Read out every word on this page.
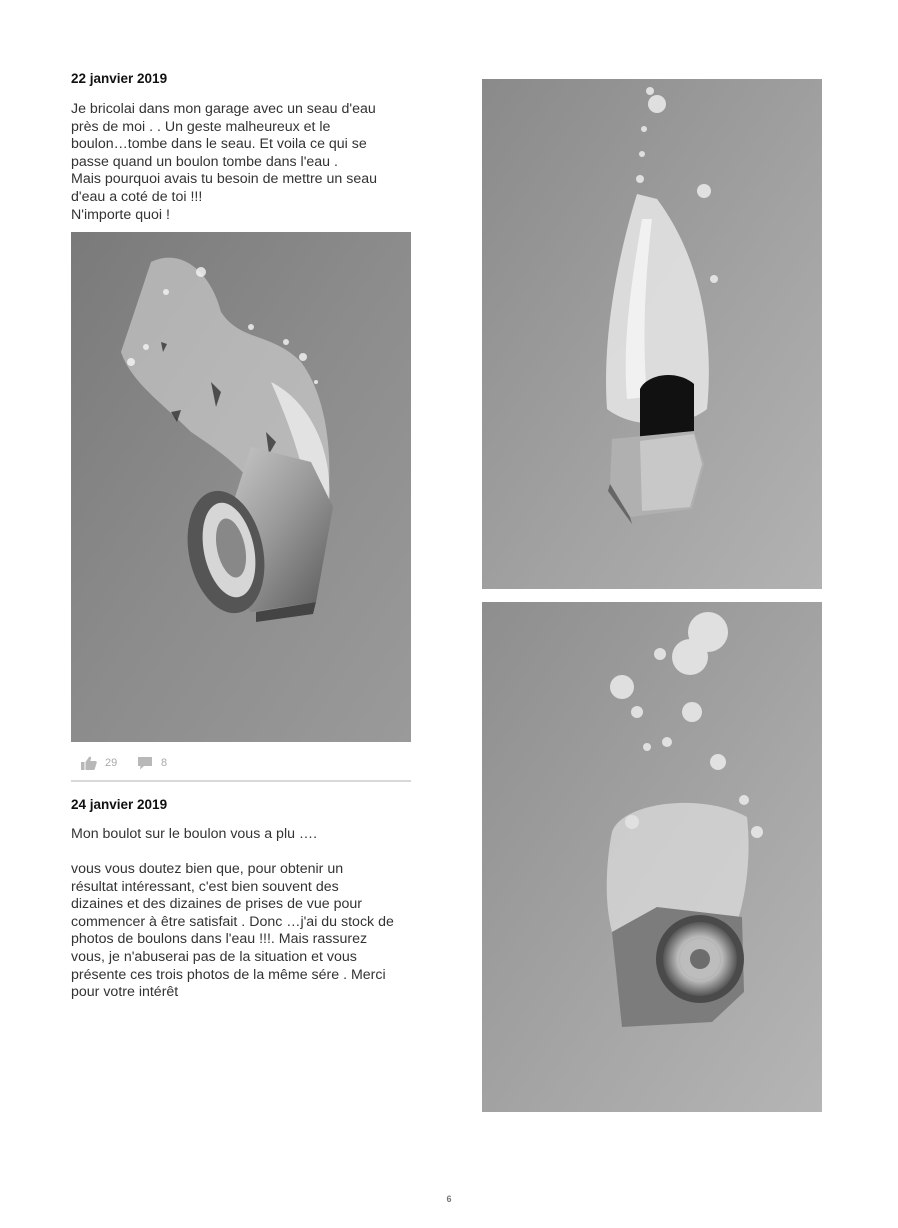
22 janvier 2019

Je bricolai dans mon garage avec un seau d'eau

près de moi . . Un geste malheureux et le

boulon…tombe dans le seau. Et voila ce qui se

passe quand un boulon tombe dans l'eau .

Mais pourquoi avais tu besoin de mettre un seau

d'eau a coté de toi !!!

N'importe quoi !

29	8
24 janvier 2019
Mon boulot sur le boulon vous a plu ….

vous vous doutez bien que, pour obtenir un

résultat intéressant, c'est bien souvent des

dizaines et des dizaines de prises de vue pour

commencer à être satisfait . Donc …j'ai du stock de

photos de boulons dans l'eau !!!. Mais rassurez

vous, je n'abuserai pas de la situation et vous

présente ces trois photos de la même sére . Merci

pour votre intérêt

6
